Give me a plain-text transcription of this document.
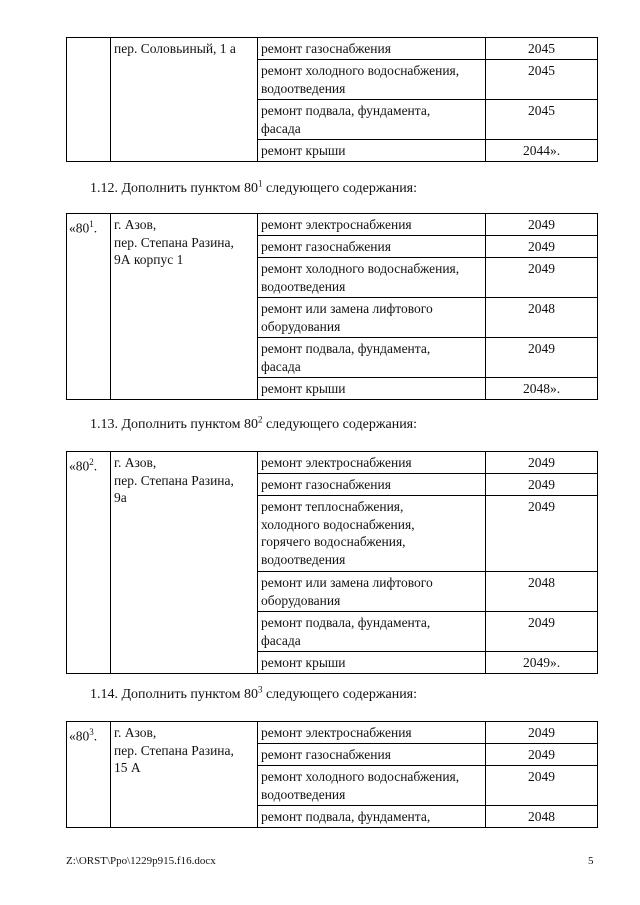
	пер. Соловьиный, 1 а	ремонт газоснабжения	2045

		ремонт холодного водоснабжения,
водоотведения	2045

		ремонт подвала, фундамента,
фасада	2045

		ремонт крыши	2044».
1.12. Дополнить пунктом $80^1$ следующего содержания:
«$80^1$.	г. Азов,
пер. Степана Разина,
9А корпус 1	ремонт электроснабжения	2049

		ремонт газоснабжения	2049

		ремонт холодного водоснабжения,
водоотведения	2049

		ремонт или замена лифтового
оборудования	2048

		ремонт подвала, фундамента,
фасада	2049

		ремонт крыши	2048».
1.13. Дополнить пунктом $80^2$ следующего содержания:
«$80^2$.	г. Азов,
пер. Степана Разина,
9а	ремонт электроснабжения	2049

		ремонт газоснабжения	2049

		ремонт теплоснабжения,
холодного водоснабжения,
горячего водоснабжения,
водоотведения	2049

		ремонт или замена лифтового
оборудования	2048

		ремонт подвала, фундамента,
фасада	2049

		ремонт крыши	2049».
1.14. Дополнить пунктом $80^3$ следующего содержания:
«$80^3$.	г. Азов,
пер. Степана Разина,
15 А	ремонт электроснабжения	2049

		ремонт газоснабжения	2049

		ремонт холодного водоснабжения,
водоотведения	2049

		ремонт подвала, фундамента,	2048
Z:\ORST\Ppo\1229p915.f16.docx	5
